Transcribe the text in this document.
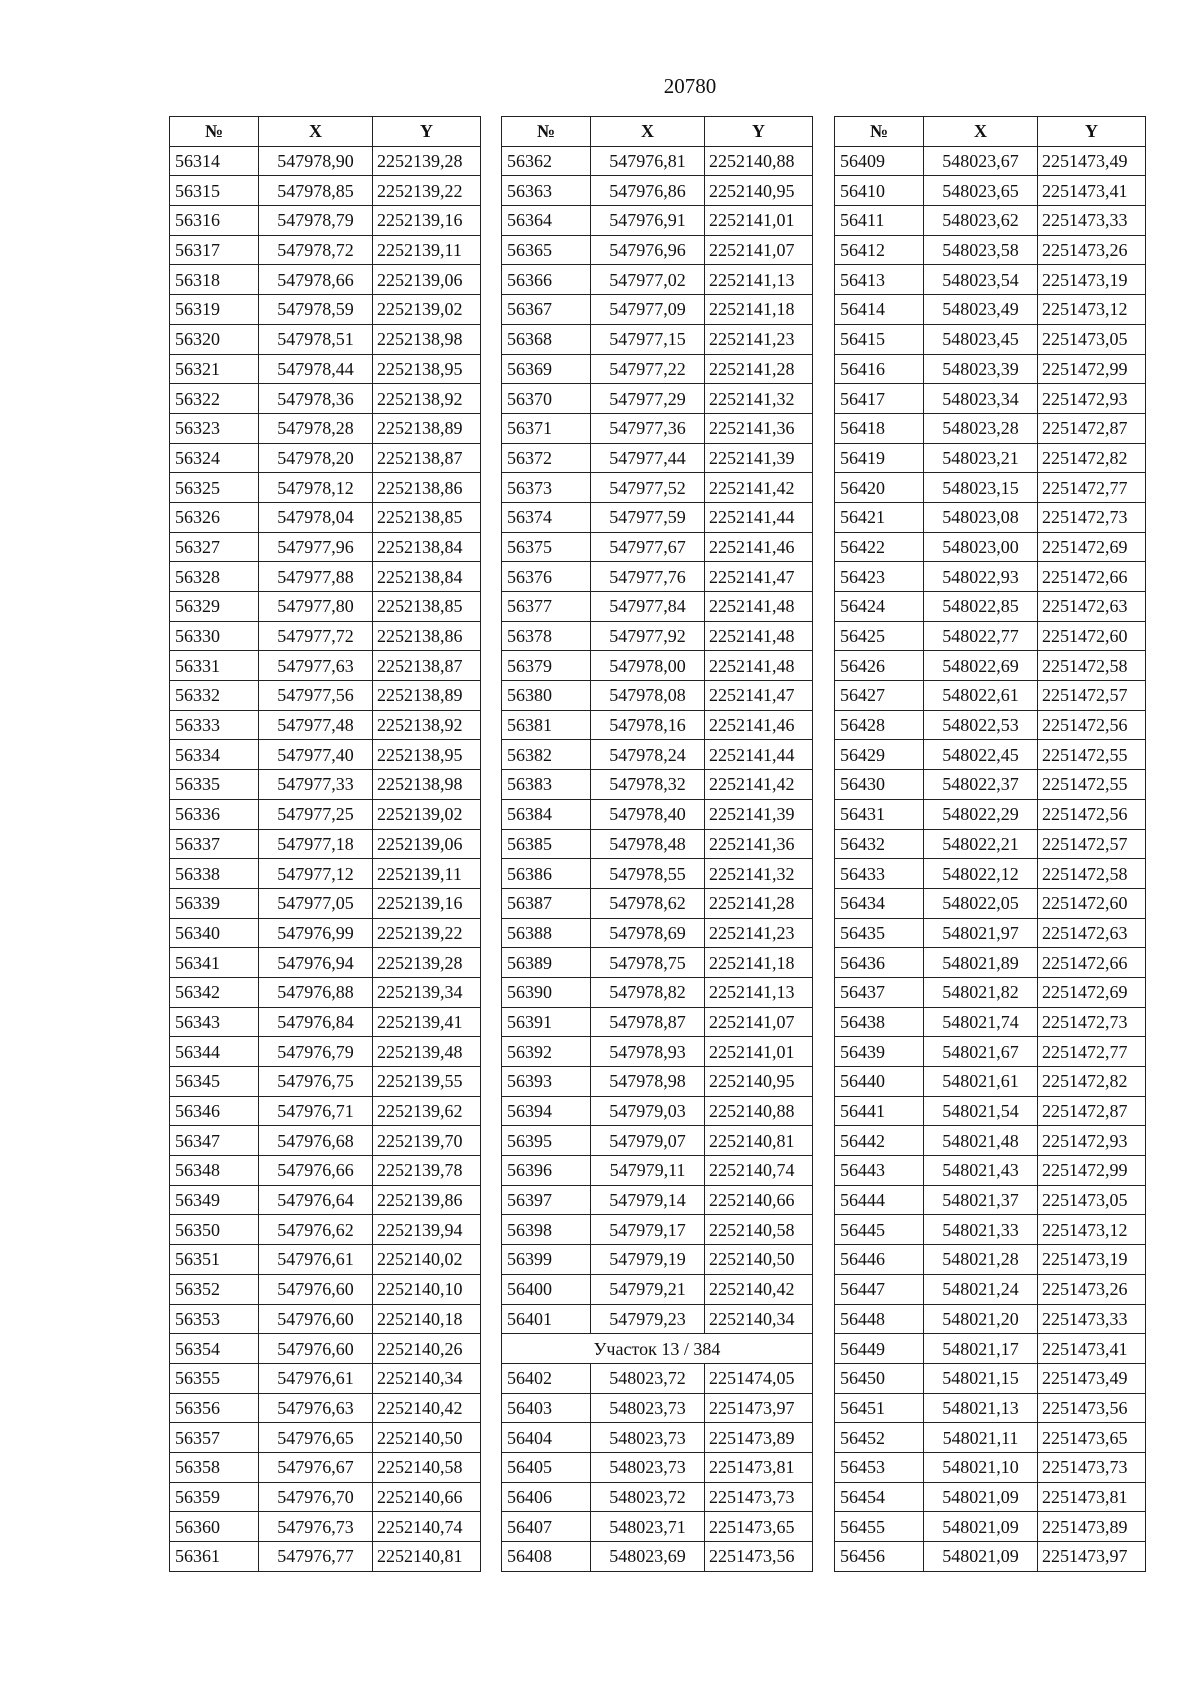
20780
№	X	Y
56314	547978,90	2252139,28
56315	547978,85	2252139,22
56316	547978,79	2252139,16
56317	547978,72	2252139,11
56318	547978,66	2252139,06
56319	547978,59	2252139,02
56320	547978,51	2252138,98
56321	547978,44	2252138,95
56322	547978,36	2252138,92
56323	547978,28	2252138,89
56324	547978,20	2252138,87
56325	547978,12	2252138,86
56326	547978,04	2252138,85
56327	547977,96	2252138,84
56328	547977,88	2252138,84
56329	547977,80	2252138,85
56330	547977,72	2252138,86
56331	547977,63	2252138,87
56332	547977,56	2252138,89
56333	547977,48	2252138,92
56334	547977,40	2252138,95
56335	547977,33	2252138,98
56336	547977,25	2252139,02
56337	547977,18	2252139,06
56338	547977,12	2252139,11
56339	547977,05	2252139,16
56340	547976,99	2252139,22
56341	547976,94	2252139,28
56342	547976,88	2252139,34
56343	547976,84	2252139,41
56344	547976,79	2252139,48
56345	547976,75	2252139,55
56346	547976,71	2252139,62
56347	547976,68	2252139,70
56348	547976,66	2252139,78
56349	547976,64	2252139,86
56350	547976,62	2252139,94
56351	547976,61	2252140,02
56352	547976,60	2252140,10
56353	547976,60	2252140,18
56354	547976,60	2252140,26
56355	547976,61	2252140,34
56356	547976,63	2252140,42
56357	547976,65	2252140,50
56358	547976,67	2252140,58
56359	547976,70	2252140,66
56360	547976,73	2252140,74
56361	547976,77	2252140,81
№	X	Y
56362	547976,81	2252140,88
56363	547976,86	2252140,95
56364	547976,91	2252141,01
56365	547976,96	2252141,07
56366	547977,02	2252141,13
56367	547977,09	2252141,18
56368	547977,15	2252141,23
56369	547977,22	2252141,28
56370	547977,29	2252141,32
56371	547977,36	2252141,36
56372	547977,44	2252141,39
56373	547977,52	2252141,42
56374	547977,59	2252141,44
56375	547977,67	2252141,46
56376	547977,76	2252141,47
56377	547977,84	2252141,48
56378	547977,92	2252141,48
56379	547978,00	2252141,48
56380	547978,08	2252141,47
56381	547978,16	2252141,46
56382	547978,24	2252141,44
56383	547978,32	2252141,42
56384	547978,40	2252141,39
56385	547978,48	2252141,36
56386	547978,55	2252141,32
56387	547978,62	2252141,28
56388	547978,69	2252141,23
56389	547978,75	2252141,18
56390	547978,82	2252141,13
56391	547978,87	2252141,07
56392	547978,93	2252141,01
56393	547978,98	2252140,95
56394	547979,03	2252140,88
56395	547979,07	2252140,81
56396	547979,11	2252140,74
56397	547979,14	2252140,66
56398	547979,17	2252140,58
56399	547979,19	2252140,50
56400	547979,21	2252140,42
56401	547979,23	2252140,34
Участок 13 / 384		
56402	548023,72	2251474,05
56403	548023,73	2251473,97
56404	548023,73	2251473,89
56405	548023,73	2251473,81
56406	548023,72	2251473,73
56407	548023,71	2251473,65
56408	548023,69	2251473,56
№	X	Y
56409	548023,67	2251473,49
56410	548023,65	2251473,41
56411	548023,62	2251473,33
56412	548023,58	2251473,26
56413	548023,54	2251473,19
56414	548023,49	2251473,12
56415	548023,45	2251473,05
56416	548023,39	2251472,99
56417	548023,34	2251472,93
56418	548023,28	2251472,87
56419	548023,21	2251472,82
56420	548023,15	2251472,77
56421	548023,08	2251472,73
56422	548023,00	2251472,69
56423	548022,93	2251472,66
56424	548022,85	2251472,63
56425	548022,77	2251472,60
56426	548022,69	2251472,58
56427	548022,61	2251472,57
56428	548022,53	2251472,56
56429	548022,45	2251472,55
56430	548022,37	2251472,55
56431	548022,29	2251472,56
56432	548022,21	2251472,57
56433	548022,12	2251472,58
56434	548022,05	2251472,60
56435	548021,97	2251472,63
56436	548021,89	2251472,66
56437	548021,82	2251472,69
56438	548021,74	2251472,73
56439	548021,67	2251472,77
56440	548021,61	2251472,82
56441	548021,54	2251472,87
56442	548021,48	2251472,93
56443	548021,43	2251472,99
56444	548021,37	2251473,05
56445	548021,33	2251473,12
56446	548021,28	2251473,19
56447	548021,24	2251473,26
56448	548021,20	2251473,33
56449	548021,17	2251473,41
56450	548021,15	2251473,49
56451	548021,13	2251473,56
56452	548021,11	2251473,65
56453	548021,10	2251473,73
56454	548021,09	2251473,81
56455	548021,09	2251473,89
56456	548021,09	2251473,97
